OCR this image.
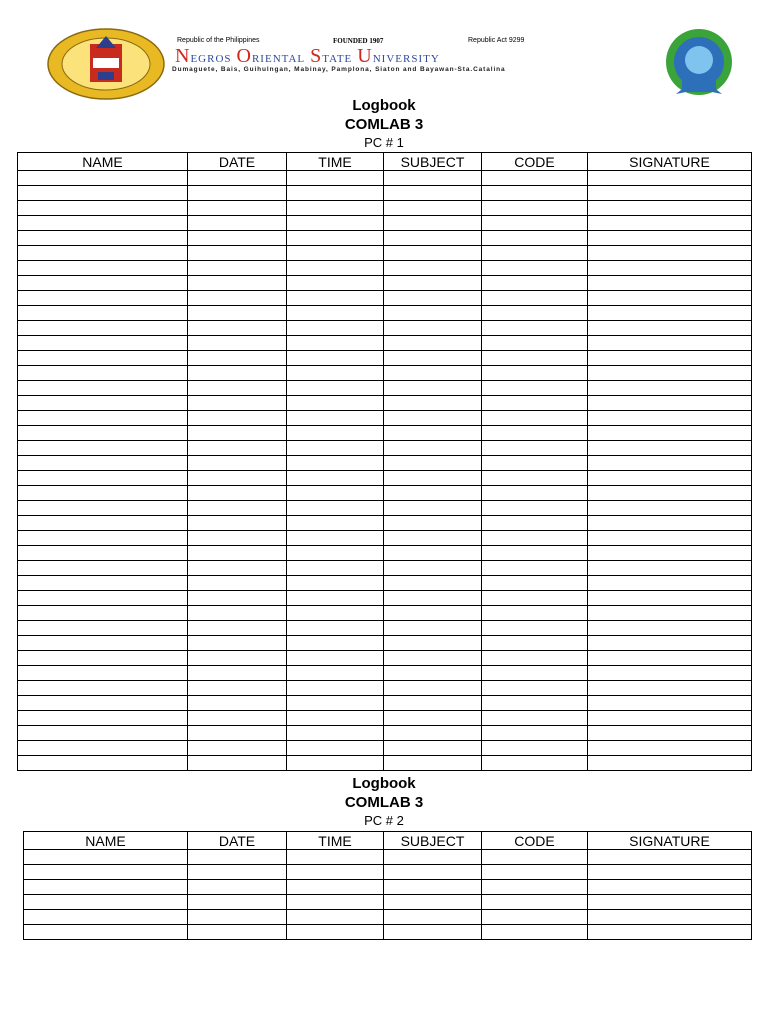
Republic of the Philippines	FOUNDED 1907	Republic Act 9299
Negros Oriental State University
Dumaguete, Bais, Guihulngan, Mabinay, Pamplona, Siaton and Bayawan-Sta.Catalina
Logbook
COMLAB 3
PC # 1
NAME	DATE	TIME	SUBJECT	CODE	SIGNATURE

Logbook
COMLAB 3
PC # 2
NAME	DATE	TIME	SUBJECT	CODE	SIGNATURE
